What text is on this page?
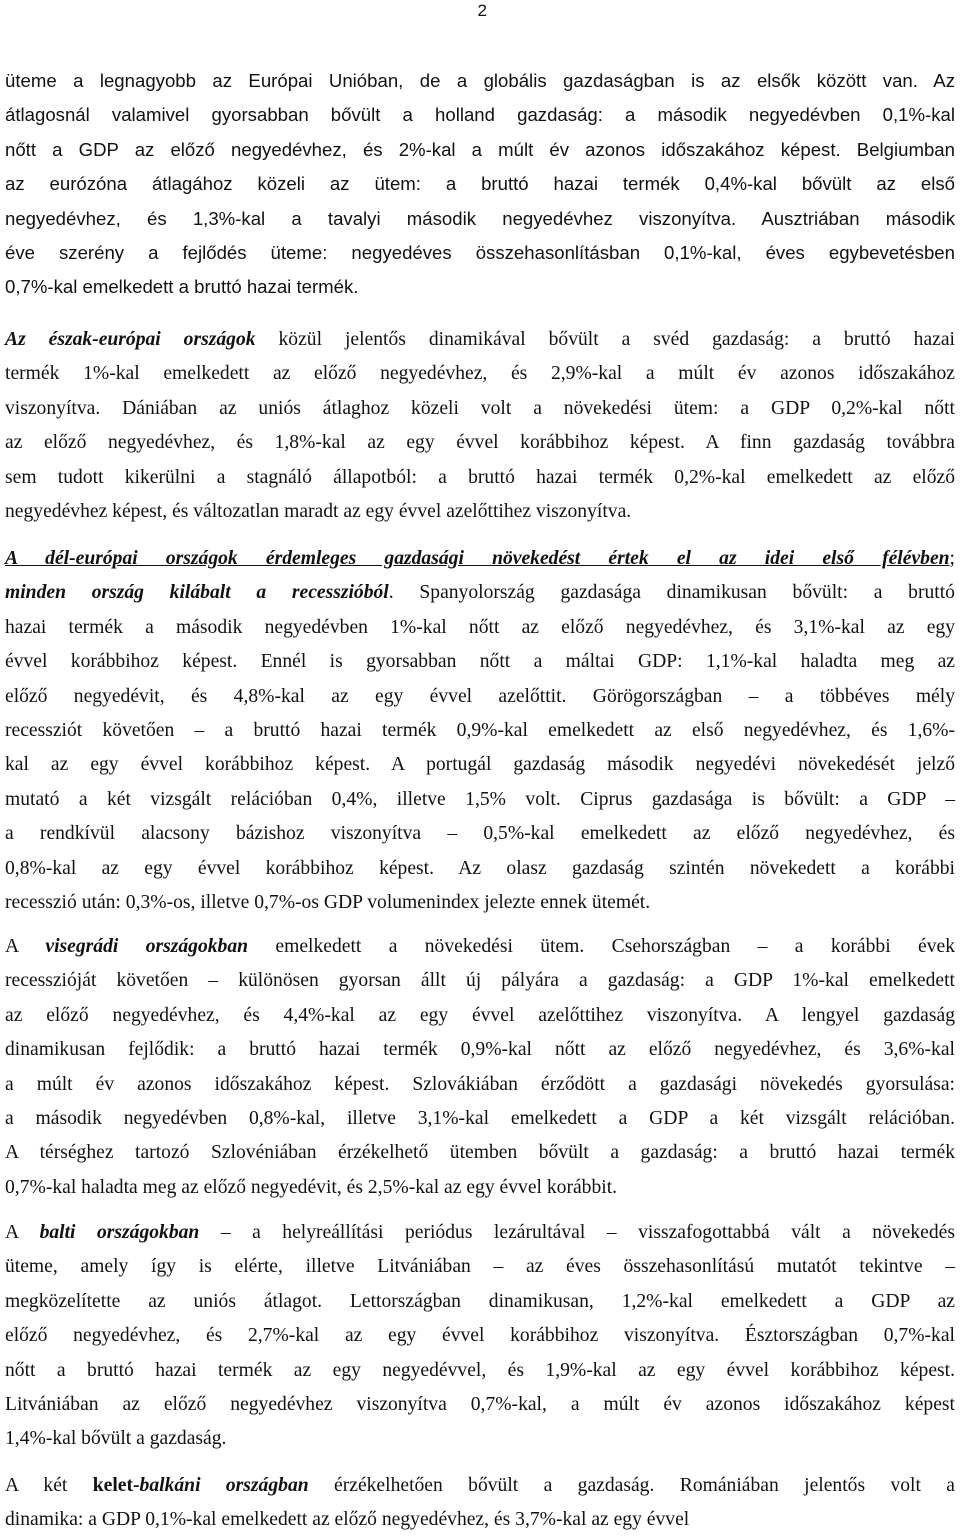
2
üteme a legnagyobb az Európai Unióban, de a globális gazdaságban is az elsők között van. Az
átlagosnál valamivel gyorsabban bővült a holland gazdaság: a második negyedévben 0,1%-kal
nőtt a GDP az előző negyedévhez, és 2%-kal a múlt év azonos időszakához képest. Belgiumban
az eurózóna átlagához közeli az ütem: a bruttó hazai termék 0,4%-kal bővült az első
negyedévhez, és 1,3%-kal a tavalyi második negyedévhez viszonyítva. Ausztriában második
éve szerény a fejlődés üteme: negyedéves összehasonlításban 0,1%-kal, éves egybevetésben
0,7%-kal emelkedett a bruttó hazai termék.
Az észak-európai országok közül jelentős dinamikával bővült a svéd gazdaság: a bruttó hazai
termék 1%-kal emelkedett az előző negyedévhez, és 2,9%-kal a múlt év azonos időszakához
viszonyítva. Dániában az uniós átlaghoz közeli volt a növekedési ütem: a GDP 0,2%-kal nőtt
az előző negyedévhez, és 1,8%-kal az egy évvel korábbihoz képest. A finn gazdaság továbbra
sem tudott kikerülni a stagnáló állapotból: a bruttó hazai termék 0,2%-kal emelkedett az előző
negyedévhez képest, és változatlan maradt az egy évvel azelőttihez viszonyítva.
A dél-európai országok érdemleges gazdasági növekedést értek el az idei első félévben;
minden ország kilábalt a recesszióból. Spanyolország gazdasága dinamikusan bővült: a bruttó
hazai termék a második negyedévben 1%-kal nőtt az előző negyedévhez, és 3,1%-kal az egy
évvel korábbihoz képest. Ennél is gyorsabban nőtt a máltai GDP: 1,1%-kal haladta meg az
előző negyedévit, és 4,8%-kal az egy évvel azelőttit. Görögországban – a többéves mély
recessziót követően – a bruttó hazai termék 0,9%-kal emelkedett az első negyedévhez, és 1,6%-
kal az egy évvel korábbihoz képest. A portugál gazdaság második negyedévi növekedését jelző
mutató a két vizsgált relációban 0,4%, illetve 1,5% volt. Ciprus gazdasága is bővült: a GDP –
a rendkívül alacsony bázishoz viszonyítva – 0,5%-kal emelkedett az előző negyedévhez, és
0,8%-kal az egy évvel korábbihoz képest. Az olasz gazdaság szintén növekedett a korábbi
recesszió után: 0,3%-os, illetve 0,7%-os GDP volumenindex jelezte ennek ütemét.
A visegrádi országokban emelkedett a növekedési ütem. Csehországban – a korábbi évek
recesszióját követően – különösen gyorsan állt új pályára a gazdaság: a GDP 1%-kal emelkedett
az előző negyedévhez, és 4,4%-kal az egy évvel azelőttihez viszonyítva. A lengyel gazdaság
dinamikusan fejlődik: a bruttó hazai termék 0,9%-kal nőtt az előző negyedévhez, és 3,6%-kal
a múlt év azonos időszakához képest. Szlovákiában érződött a gazdasági növekedés gyorsulása:
a második negyedévben 0,8%-kal, illetve 3,1%-kal emelkedett a GDP a két vizsgált relációban.
A térséghez tartozó Szlovéniában érzékelhető ütemben bővült a gazdaság: a bruttó hazai termék
0,7%-kal haladta meg az előző negyedévit, és 2,5%-kal az egy évvel korábbit.
A balti országokban – a helyreállítási periódus lezárultával – visszafogottabbá vált a növekedés
üteme, amely így is elérte, illetve Litvániában – az éves összehasonlítású mutatót tekintve –
megközelítette az uniós átlagot. Lettországban dinamikusan, 1,2%-kal emelkedett a GDP az
előző negyedévhez, és 2,7%-kal az egy évvel korábbihoz viszonyítva. Észtországban 0,7%-kal
nőtt a bruttó hazai termék az egy negyedévvel, és 1,9%-kal az egy évvel korábbihoz képest.
Litvániában az előző negyedévhez viszonyítva 0,7%-kal, a múlt év azonos időszakához képest
1,4%-kal bővült a gazdaság.
A két kelet-balkáni országban érzékelhetően bővült a gazdaság. Romániában jelentős volt a
dinamika: a GDP 0,1%-kal emelkedett az előző negyedévhez, és 3,7%-kal az egy évvel
